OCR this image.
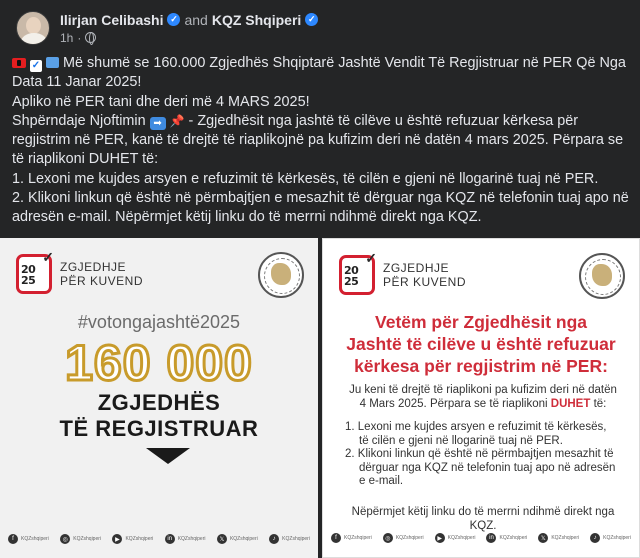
Ilirjan Celibashi ✓ and KQZ Shqiperi ✓
1h ·

✓ Më shumë se 160.000 Zgjedhës Shqiptarë Jashtë Vendit Të Regjistruar në PER Që Nga Data 11 Janar 2025!

Apliko në PER tani dhe deri më 4 MARS 2025!

Shpërndaje Njoftimin ➡ 📌 - Zgjedhësit nga jashtë të cilëve u është refuzuar kërkesa për regjistrim në PER, kanë të drejtë të riaplikojnë pa kufizim deri në datën 4 mars 2025. Përpara se të riaplikoni DUHET të:

1. Lexoni me kujdes arsyen e refuzimit të kërkesës, të cilën e gjeni në llogarinë tuaj në PER.

2. Klikoni linkun që është në përmbajtjen e mesazhit të dërguar nga KQZ në telefonin tuaj apo në adresën e-mail. Nëpërmjet këtij linku do të merrni ndihmë direkt nga KQZ.

✓
20
25
ZGJEDHJE
PËR KUVEND
#votongajashtë2025
160 000
ZGJEDHËS
TË REGJISTRUAR
f	KQZshqiperi	◎	KQZshqiperi	▶	KQZshqiperi	in	KQZshqiperi	𝕏	KQZshqiperi	♪	KQZshqiperi
✓
20
25
ZGJEDHJE
PËR KUVEND
Vetëm për Zgjedhësit nga Jashtë të cilëve u është refuzuar kërkesa për regjistrim në PER:
Ju keni të drejtë të riaplikoni pa kufizim deri në datën 4 Mars 2025. Përpara se të riaplikoni DUHET të:
1. Lexoni me kujdes arsyen e refuzimit të kërkesës, të cilën e gjeni në llogarinë tuaj në PER.
2. Klikoni linkun që është në përmbajtjen mesazhit të dërguar nga KQZ në telefonin tuaj apo në adresën e e-mail.
Nëpërmjet këtij linku do të merrni ndihmë direkt nga KQZ.
f	KQZshqiperi	◎	KQZshqiperi	▶	KQZshqiperi	in	KQZshqiperi	𝕏	KQZshqiperi	♪	KQZshqiperi
